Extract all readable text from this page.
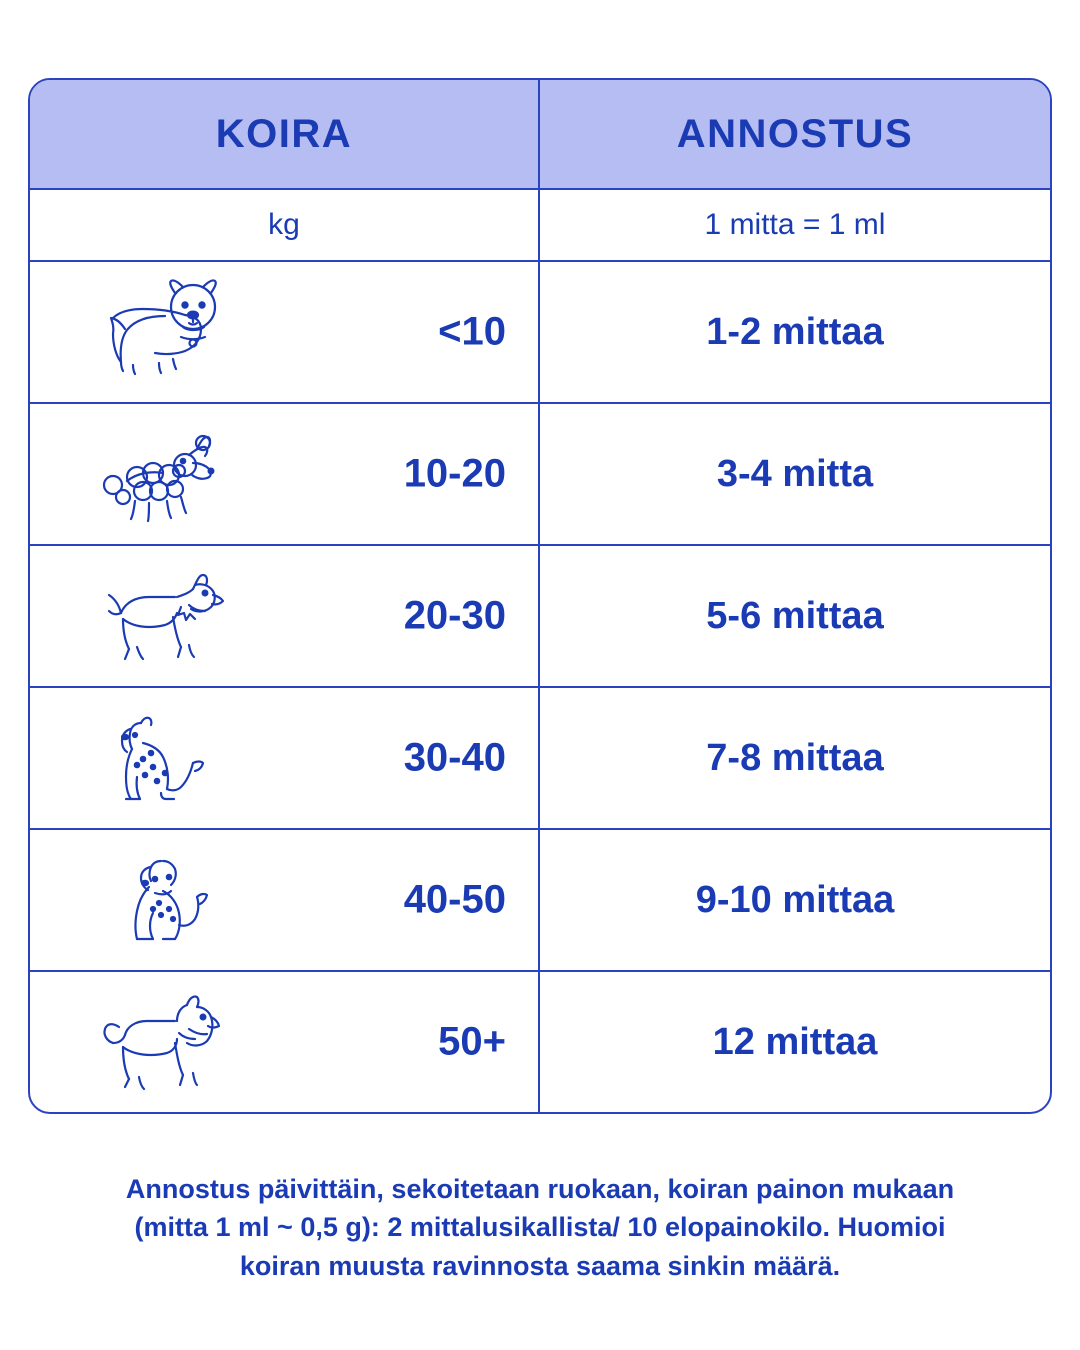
KOIRA	ANNOSTUS
kg	1 mitta = 1 ml
<10	1-2 mittaa
10-20	3-4 mitta
20-30	5-6 mittaa
30-40	7-8 mittaa
40-50	9-10 mittaa
50+	12 mittaa
Annostus päivittäin, sekoitetaan ruokaan, koiran painon mukaan
(mitta 1 ml ~ 0,5 g): 2 mittalusikallista/ 10 elopainokilo. Huomioi
koiran muusta ravinnosta saama sinkin määrä.
